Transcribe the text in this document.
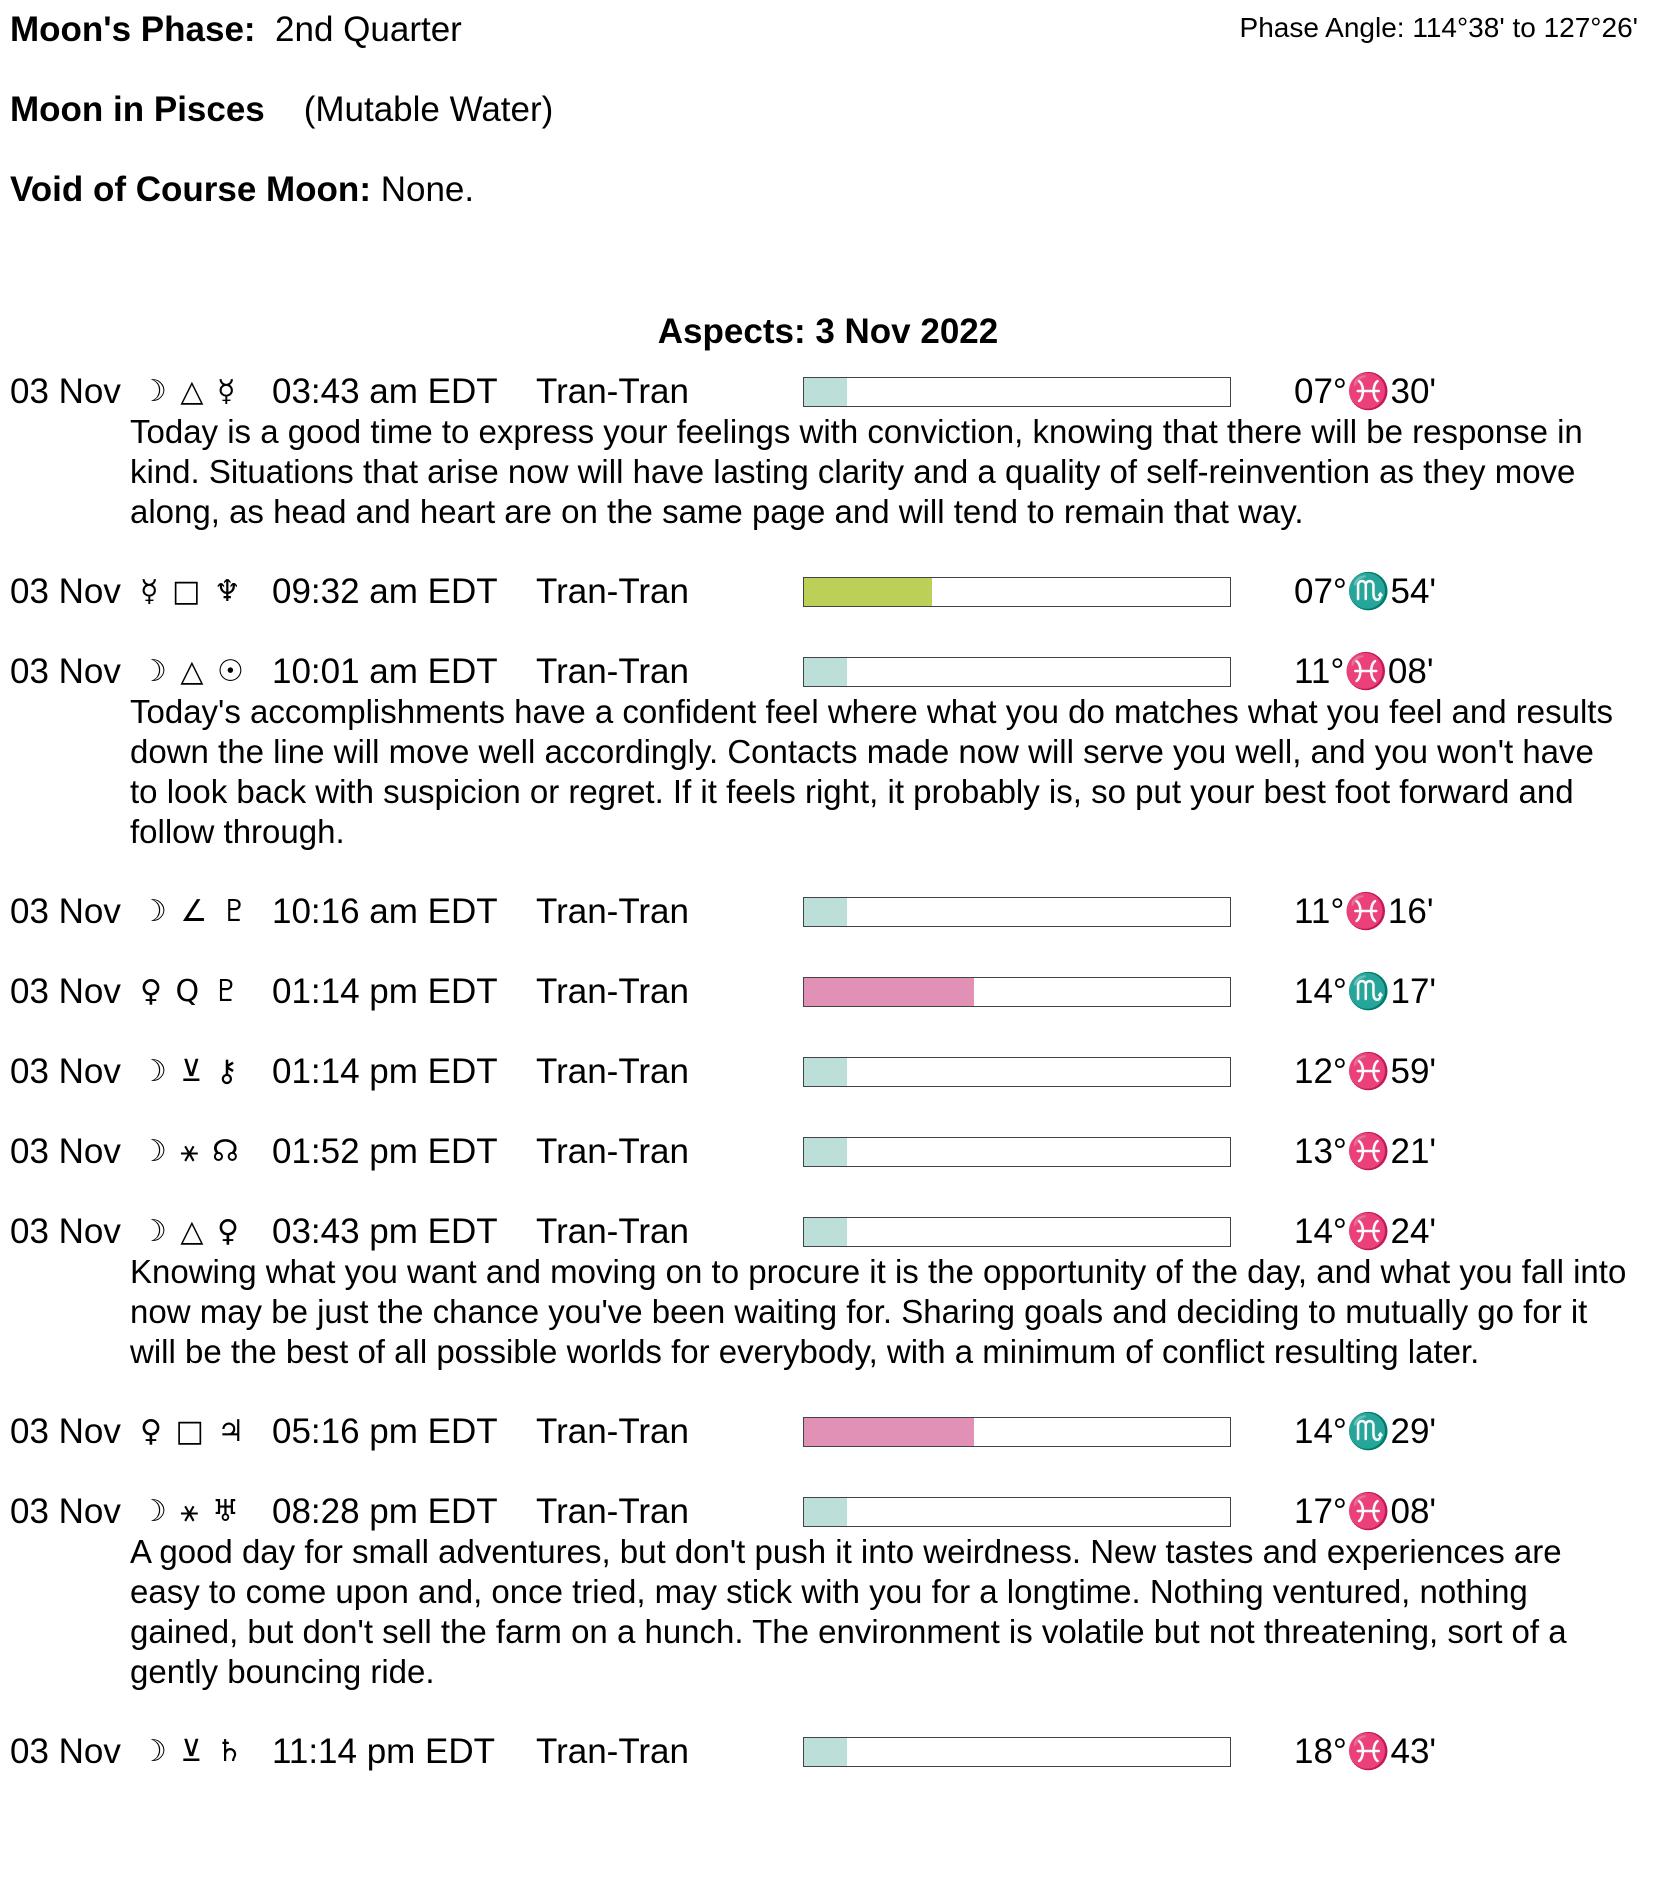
Moon's Phase: 2nd Quarter	Phase Angle: 114°38' to 127°26'
Moon in Pisces (Mutable Water)
Void of Course Moon: None.
Aspects: 3 Nov 2022
03 Nov ☽ △ ☿ 03:43 am EDT Tran-Tran	07°♓30'
Today is a good time to express your feelings with conviction, knowing that there will be response in kind. Situations that arise now will have lasting clarity and a quality of self-reinvention as they move along, as head and heart are on the same page and will tend to remain that way.
03 Nov ☿ □ ♆ 09:32 am EDT Tran-Tran	07°♏54'
03 Nov ☽ △ ☉ 10:01 am EDT Tran-Tran	11°♓08'
Today's accomplishments have a confident feel where what you do matches what you feel and results down the line will move well accordingly. Contacts made now will serve you well, and you won't have to look back with suspicion or regret. If it feels right, it probably is, so put your best foot forward and follow through.
03 Nov ☽ ∠ ♇ 10:16 am EDT Tran-Tran	11°♓16'
03 Nov ♀ Q ♇ 01:14 pm EDT Tran-Tran	14°♏17'
03 Nov ☽ ⊻ ⚷ 01:14 pm EDT Tran-Tran	12°♓59'
03 Nov ☽ ⚹ ☊ 01:52 pm EDT Tran-Tran	13°♓21'
03 Nov ☽ △ ♀ 03:43 pm EDT Tran-Tran	14°♓24'
Knowing what you want and moving on to procure it is the opportunity of the day, and what you fall into now may be just the chance you've been waiting for. Sharing goals and deciding to mutually go for it will be the best of all possible worlds for everybody, with a minimum of conflict resulting later.
03 Nov ♀ □ ♃ 05:16 pm EDT Tran-Tran	14°♏29'
03 Nov ☽ ⚹ ♅ 08:28 pm EDT Tran-Tran	17°♓08'
A good day for small adventures, but don't push it into weirdness. New tastes and experiences are easy to come upon and, once tried, may stick with you for a longtime. Nothing ventured, nothing gained, but don't sell the farm on a hunch. The environment is volatile but not threatening, sort of a gently bouncing ride.
03 Nov ☽ ⊻ ♄ 11:14 pm EDT Tran-Tran	18°♓43'
